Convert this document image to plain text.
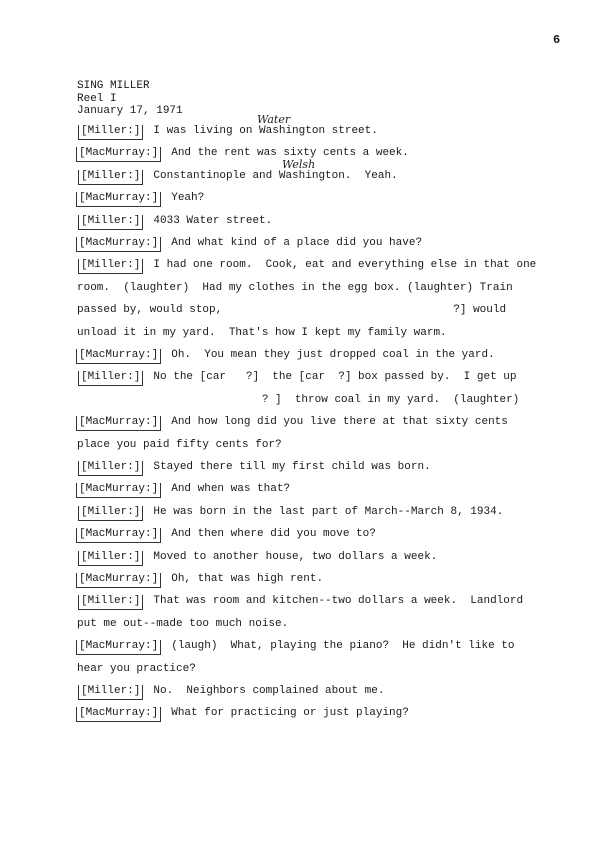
6
SING MILLER
Reel I
January 17, 1971
Water
Welsh
[Miller:] I was living on Washington street.
[MacMurray:] And the rent was sixty cents a week.
[Miller:] Constantinople and Washington.  Yeah.
[MacMurray:] Yeah?
[Miller:] 4033 Water street.
[MacMurray:] And what kind of a place did you have?
[Miller:] I had one room.  Cook, eat and everything else in that one
room.  (laughter)  Had my clothes in the egg box. (laughter) Train
passed by, would stop,                                   ?] would
unload it in my yard.  That's how I kept my family warm.
[MacMurray:] Oh.  You mean they just dropped coal in the yard.
[Miller:] No the [car   ?]  the [car  ?] box passed by.  I get up
? ]  throw coal in my yard.  (laughter)
[MacMurray:] And how long did you live there at that sixty cents
place you paid fifty cents for?
[Miller:] Stayed there till my first child was born.
[MacMurray:] And when was that?
[Miller:] He was born in the last part of March--March 8, 1934.
[MacMurray:] And then where did you move to?
[Miller:] Moved to another house, two dollars a week.
[MacMurray:] Oh, that was high rent.
[Miller:] That was room and kitchen--two dollars a week.  Landlord
put me out--made too much noise.
[MacMurray:] (laugh)  What, playing the piano?  He didn't like to
hear you practice?
[Miller:] No.  Neighbors complained about me.
[MacMurray:] What for practicing or just playing?
